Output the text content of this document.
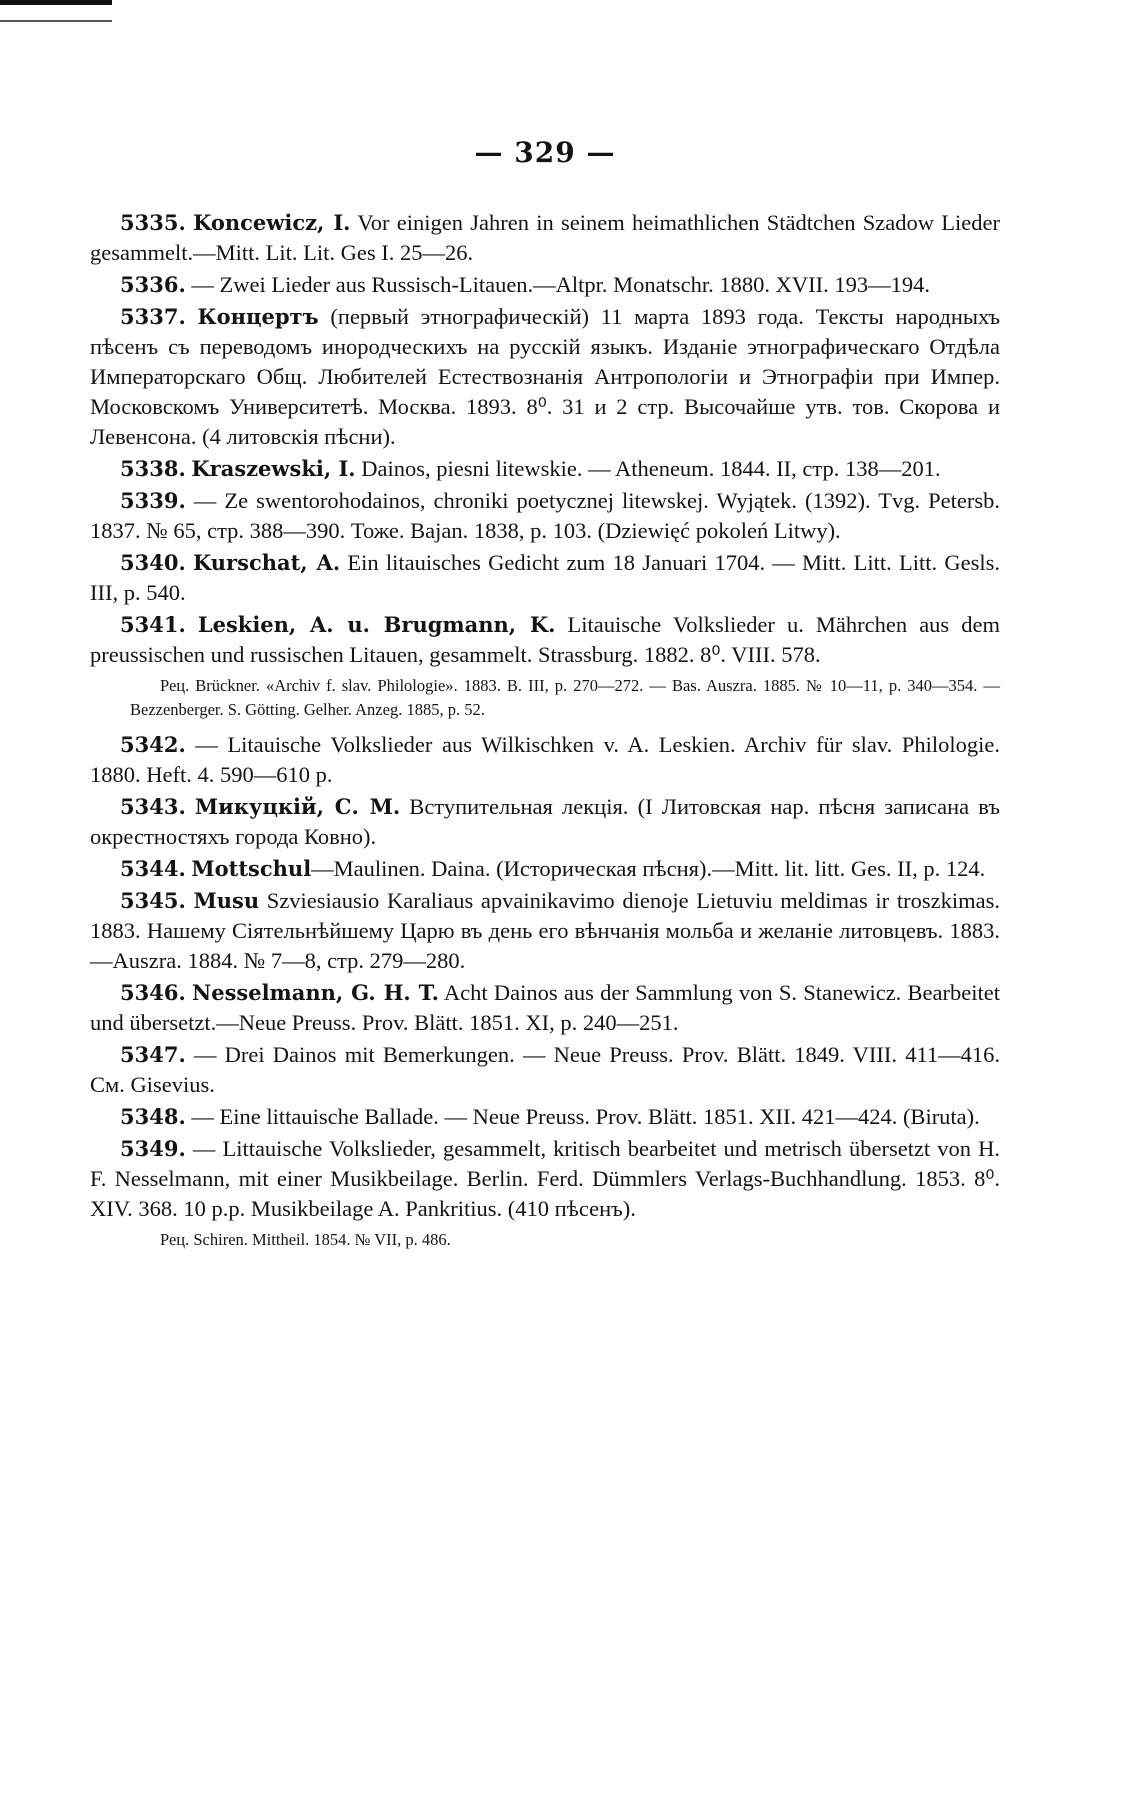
— 329 —

5335. Koncewicz, I. Vor einigen Jahren in seinem heimathlichen Städtchen Szadow Lieder gesammelt.—Mitt. Lit. Lit. Ges I. 25—26.

5336. — Zwei Lieder aus Russisch-Litauen.—Altpr. Monatschr. 1880. XVII. 193—194.

5337. Концертъ (первый этнографическій) 11 марта 1893 года. Тексты народныхъ пѣсенъ съ переводомъ инородческихъ на русскій языкъ. Изданіе этнографическаго Отдѣла Императорскаго Общ. Любителей Естествознанія Антропологіи и Этнографіи при Импер. Московскомъ Университетѣ. Москва. 1893. 8⁰. 31 и 2 стр. Высочайше утв. тов. Скорова и Левенсона. (4 литовскія пѣсни).

5338. Kraszewski, I. Dainos, piesni litewskie. — Atheneum. 1844. II, стр. 138—201.

5339. — Ze swentorohodainos, chroniki poetycznej litewskej. Wyjątek. (1392). Tvg. Petersb. 1837. № 65, стр. 388—390. Тоже. Bajan. 1838, p. 103. (Dziewięć pokoleń Litwy).

5340. Kurschat, A. Ein litauisches Gedicht zum 18 Januari 1704. — Mitt. Litt. Litt. Gesls. III, p. 540.

5341. Leskien, A. u. Brugmann, K. Litauische Volkslieder u. Mährchen aus dem preussischen und russischen Litauen, gesammelt. Strassburg. 1882. 8⁰. VIII. 578.

Рец. Brückner. «Archiv f. slav. Philologie». 1883. B. III, p. 270—272. — Bas. Auszra. 1885. № 10—11, p. 340—354. — Bezzenberger. S. Götting. Gelher. Anzeg. 1885, p. 52.

5342. — Litauische Volkslieder aus Wilkischken v. A. Leskien. Archiv für slav. Philologie. 1880. Heft. 4. 590—610 p.

5343. Микуцкій, С. М. Вступительная лекція. (I Литовская нар. пѣсня записана въ окрестностяхъ города Ковно).

5344. Mottschul—Maulinen. Daina. (Историческая пѣсня).—Mitt. lit. litt. Ges. II, p. 124.

5345. Musu Szviesiausio Karaliaus apvainikavimo dienoje Lietuviu meldimas ir troszkimas. 1883. Нашему Сіятельнѣйшему Царю въ день его вѣнчанія мольба и желаніе литовцевъ. 1883.—Auszra. 1884. № 7—8, стр. 279—280.

5346. Nesselmann, G. H. T. Acht Dainos aus der Sammlung von S. Stanewicz. Bearbeitet und übersetzt.—Neue Preuss. Prov. Blätt. 1851. XI, p. 240—251.

5347. — Drei Dainos mit Bemerkungen. — Neue Preuss. Prov. Blätt. 1849. VIII. 411—416. См. Gisevius.

5348. — Eine littauische Ballade. — Neue Preuss. Prov. Blätt. 1851. XII. 421—424. (Biruta).

5349. — Littauische Volkslieder, gesammelt, kritisch bearbeitet und metrisch übersetzt von H. F. Nesselmann, mit einer Musikbeilage. Berlin. Ferd. Dümmlers Verlags-Buchhandlung. 1853. 8⁰. XIV. 368. 10 p.p. Musikbeilage A. Pankritius. (410 пѣсенъ).

Рец. Schiren. Mittheil. 1854. № VII, p. 486.
